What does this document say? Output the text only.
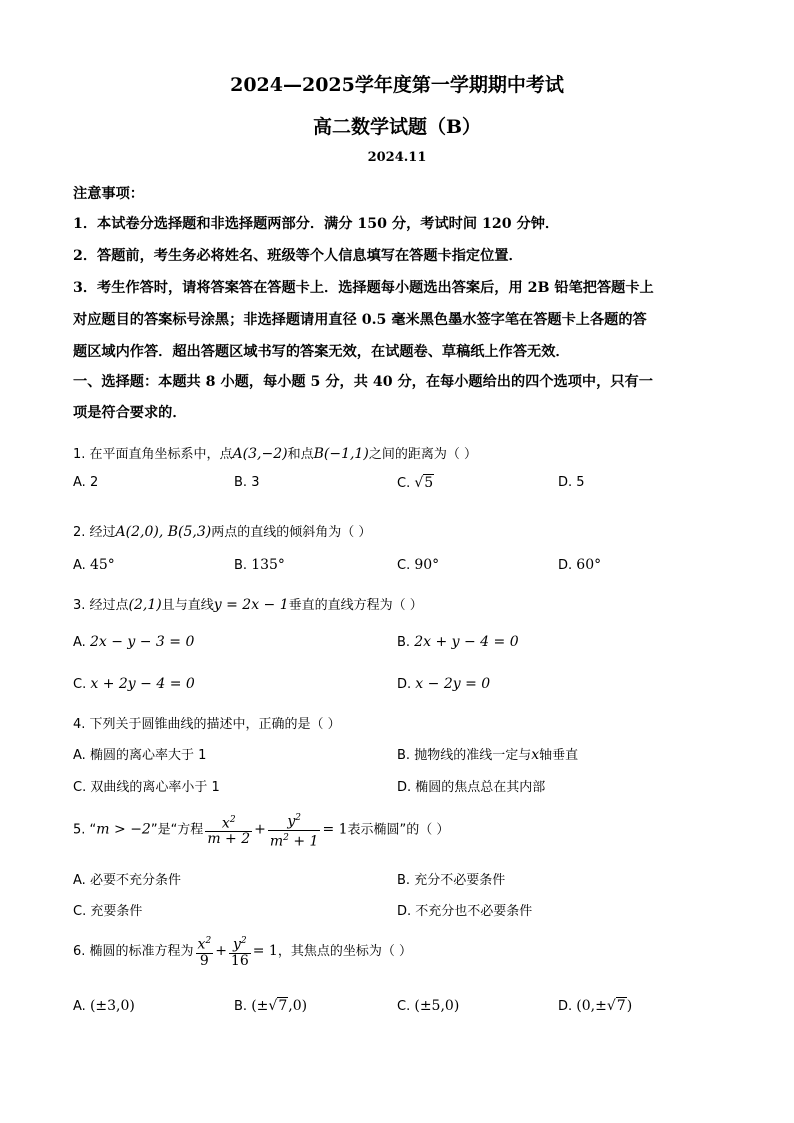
2024—2025学年度第一学期期中考试
高二数学试题（B）
2024.11
注意事项：
1．本试卷分选择题和非选择题两部分．满分 150 分，考试时间 120 分钟．
2．答题前，考生务必将姓名、班级等个人信息填写在答题卡指定位置．
3．考生作答时，请将答案答在答题卡上．选择题每小题选出答案后，用 2B 铅笔把答题卡上
对应题目的答案标号涂黑；非选择题请用直径 0.5 毫米黑色墨水签字笔在答题卡上各题的答
题区域内作答．超出答题区域书写的答案无效，在试题卷、草稿纸上作答无效．
一、选择题：本题共 8 小题，每小题 5 分，共 40 分，在每小题给出的四个选项中，只有一
项是符合要求的．
1. 在平面直角坐标系中，点A(3,−2)和点B(−1,1)之间的距离为（ ）
A. 2	B. 3	C. √5	D. 5
2. 经过A(2,0), B(5,3)两点的直线的倾斜角为（ ）
A. 45°	B. 135°	C. 90°	D. 60°
3. 经过点(2,1)且与直线y = 2x − 1垂直的直线方程为（ ）
A. 2x − y − 3 = 0	B. 2x + y − 4 = 0
C. x + 2y − 4 = 0	D. x − 2y = 0
4. 下列关于圆锥曲线的描述中，正确的是（ ）
A. 椭圆的离心率大于 1	B. 抛物线的准线一定与x轴垂直
C. 双曲线的离心率小于 1	D. 椭圆的焦点总在其内部
5. “m > −2”是“方程 $\frac{x^2}{m + 2} + \frac{y^2}{m^2 + 1} = 1$表示椭圆”的（ ）
A. 必要不充分条件	B. 充分不必要条件
C. 充要条件	D. 不充分也不必要条件
6. 椭圆的标准方程为 $\frac{x^2}{9} + \frac{y^2}{16} = 1$，其焦点的坐标为（ ）
A. (±3,0)	B. (±√7,0)	C. (±5,0)	D. (0,±√7)
